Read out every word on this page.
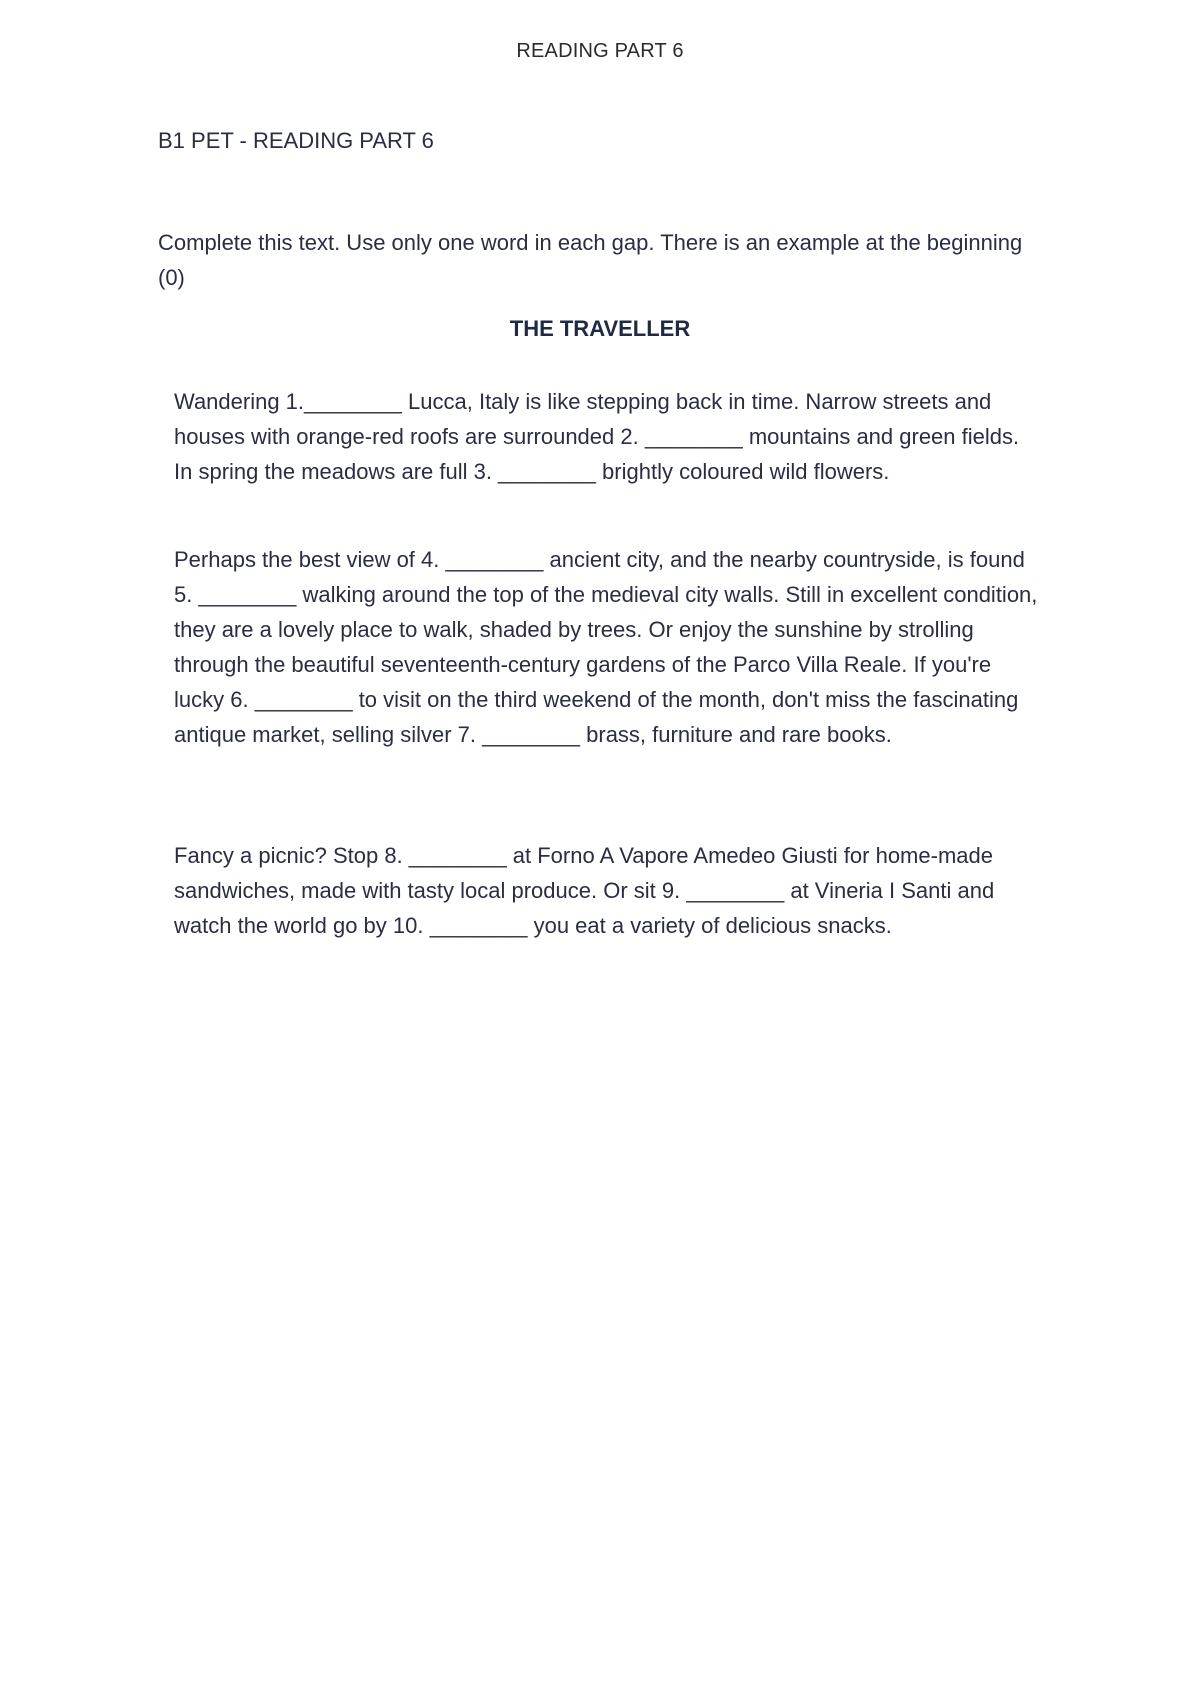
READING PART 6
B1 PET - READING PART 6
Complete this text. Use only one word in each gap. There is an example at the beginning (0)
THE TRAVELLER

Wandering 1.________ Lucca, Italy is like stepping back in time. Narrow streets and houses with orange-red roofs are surrounded 2. ________ mountains and green fields. In spring the meadows are full 3. ________ brightly coloured wild flowers.

Perhaps the best view of 4. ________ ancient city, and the nearby countryside, is found 5. ________ walking around the top of the medieval city walls. Still in excellent condition, they are a lovely place to walk, shaded by trees. Or enjoy the sunshine by strolling through the beautiful seventeenth-century gardens of the Parco Villa Reale. If you're lucky 6. ________ to visit on the third weekend of the month, don't miss the fascinating antique market, selling silver 7. ________ brass, furniture and rare books.

Fancy a picnic? Stop 8. ________ at Forno A Vapore Amedeo Giusti for home-made sandwiches, made with tasty local produce. Or sit 9. ________ at Vineria I Santi and watch the world go by 10. ________ you eat a variety of delicious snacks.
